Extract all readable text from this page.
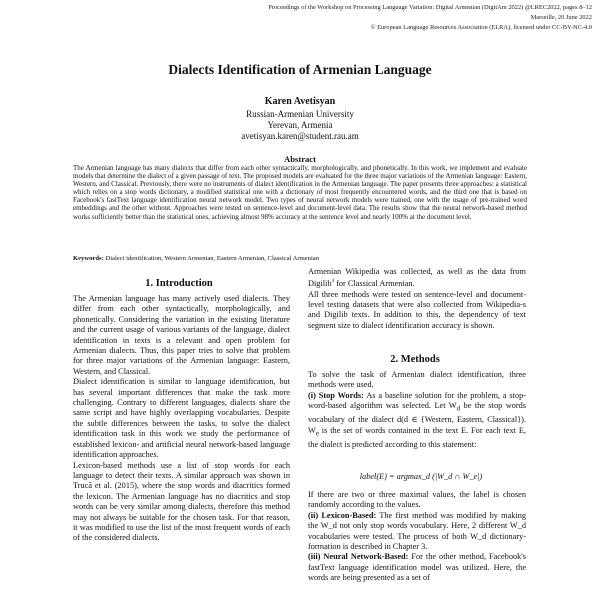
Proceedings of the Workshop on Processing Language Variation: Digital Armenian (DigitAm 2022) @LREC2022, pages 8–12
Marseille, 20 June 2022
© European Language Resources Association (ELRA), licensed under CC-BY-NC-4.0
Dialects Identification of Armenian Language
Karen Avetisyan
Russian-Armenian University
Yerevan, Armenia
avetisyan.karen@student.rau.am
Abstract
The Armenian language has many dialects that differ from each other syntactically, morphologically, and phonetically. In this work, we implement and evaluate models that determine the dialect of a given passage of text. The proposed models are evaluated for the three major variations of the Armenian language: Eastern, Western, and Classical. Previously, there were no instruments of dialect identification in the Armenian language. The paper presents three approaches: a statistical which relies on a stop words dictionary, a modified statistical one with a dictionary of most frequently encountered words, and the third one that is based on Facebook's fastText language identification neural network model. Two types of neural network models were trained, one with the usage of pre-trained word embeddings and the other without. Approaches were tested on sentence-level and document-level data. The results show that the neural network-based method works sufficiently better than the statistical ones, achieving almost 98% accuracy at the sentence level and nearly 100% at the document level.
Keywords: Dialect identification, Western Armenian, Eastern Armenian, Classical Armenian
1. Introduction

The Armenian language has many actively used dialects. They differ from each other syntactically, morphologically, and phonetically. Considering the variation in the existing literature and the current usage of various variants of the language, dialect identification in texts is a relevant and open problem for Armenian dialects. Thus, this paper tries to solve that problem for three major variations of the Armenian language: Eastern, Western, and Classical.

Dialect identification is similar to language identification, but has several important differences that make the task more challenging. Contrary to different languages, dialects share the same script and have highly overlapping vocabularies. Despite the subtle differences between the tasks, to solve the dialect identification task in this work we study the performance of established lexicon- and artificial neural network-based language identification approaches.

Lexicon-based methods use a list of stop words for each language to detect their texts. A similar approach was shown in Trucă et al. (2015), where the stop words and diacritics formed the lexicon. The Armenian language has no diacritics and stop words can be very similar among dialects, therefore this method may not always be suitable for the chosen task. For that reason, it was modified to use the list of the most frequent words of each of the considered dialects.

Armenian Wikipedia was collected, as well as the data from Digilib$^4$ for Classical Armenian.

All three methods were tested on sentence-level and document-level testing datasets that were also collected from Wikipedia-s and Digilib texts. In addition to this, the dependency of text segment size to dialect identification accuracy is shown.

2. Methods

To solve the task of Armenian dialect identification, three methods were used.

(i) Stop Words: As a baseline solution for the problem, a stop-word-based algorithm was selected. Let $W_d$ be the stop words vocabulary of the dialect d(d ∈ {Western, Eastern, Classical}). $W_e$ is the set of words contained in the text E. For each text E, the dialect is predicted according to this statement:

label(E) = argmax_d (|W_d ∩ W_e|)

If there are two or three maximal values, the label is chosen randomly according to the values.

(ii) Lexicon-Based: The first method was modified by making the W_d not only stop words vocabulary. Here, 2 different W_d vocabularies were tested. The process of both W_d dictionary-formation is described in Chapter 3.

(iii) Neural Network-Based: For the other method, Facebook's fastText language identification model was utilized. Here, the words are being presented as a set of
